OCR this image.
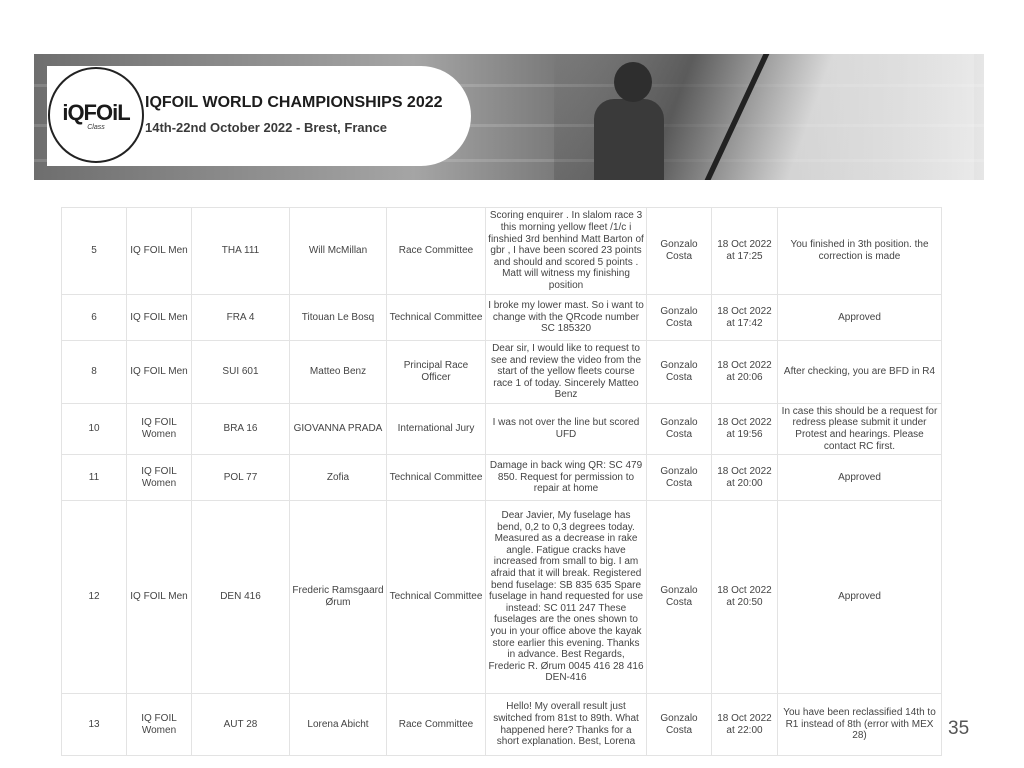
iQFOiL
Class
IQFOIL WORLD CHAMPIONSHIPS 2022
14th-22nd October 2022 - Brest, France
5	IQ FOIL Men	THA 111	Will McMillan	Race Committee	Scoring enquirer . In slalom race 3 this morning yellow fleet /1/c i finshied 3rd benhind Matt Barton of gbr , I have been scored 23 points and should and scored 5 points . Matt will witness my finishing position	Gonzalo Costa	18 Oct 2022 at 17:25	You finished in 3th position. the correction is made
6	IQ FOIL Men	FRA 4	Titouan Le Bosq	Technical Committee	I broke my lower mast. So i want to change with the QRcode number SC 185320	Gonzalo Costa	18 Oct 2022 at 17:42	Approved
8	IQ FOIL Men	SUI 601	Matteo Benz	Principal Race Officer	Dear sir, I would like to request to see and review the video from the start of the yellow fleets course race 1 of today. Sincerely Matteo Benz	Gonzalo Costa	18 Oct 2022 at 20:06	After checking, you are BFD in R4
10	IQ FOIL Women	BRA 16	GIOVANNA PRADA	International Jury	I was not over the line but scored UFD	Gonzalo Costa	18 Oct 2022 at 19:56	In case this should be a request for redress please submit it under Protest and hearings. Please contact RC first.
11	IQ FOIL Women	POL 77	Zofia	Technical Committee	Damage in back wing QR: SC 479 850. Request for permission to repair at home	Gonzalo Costa	18 Oct 2022 at 20:00	Approved
12	IQ FOIL Men	DEN 416	Frederic Ramsgaard Ørum	Technical Committee	Dear Javier, My fuselage has bend, 0,2 to 0,3 degrees today. Measured as a decrease in rake angle. Fatigue cracks have increased from small to big. I am afraid that it will break. Registered bend fuselage: SB 835 635 Spare fuselage in hand requested for use instead: SC 011 247 These fuselages are the ones shown to you in your office above the kayak store earlier this evening. Thanks in advance. Best Regards, Frederic R. Ørum 0045 416 28 416 DEN-416	Gonzalo Costa	18 Oct 2022 at 20:50	Approved
13	IQ FOIL Women	AUT 28	Lorena Abicht	Race Committee	Hello! My overall result just switched from 81st to 89th. What happened here? Thanks for a short explanation. Best, Lorena	Gonzalo Costa	18 Oct 2022 at 22:00	You have been reclassified 14th to R1 instead of 8th (error with MEX 28)	35
